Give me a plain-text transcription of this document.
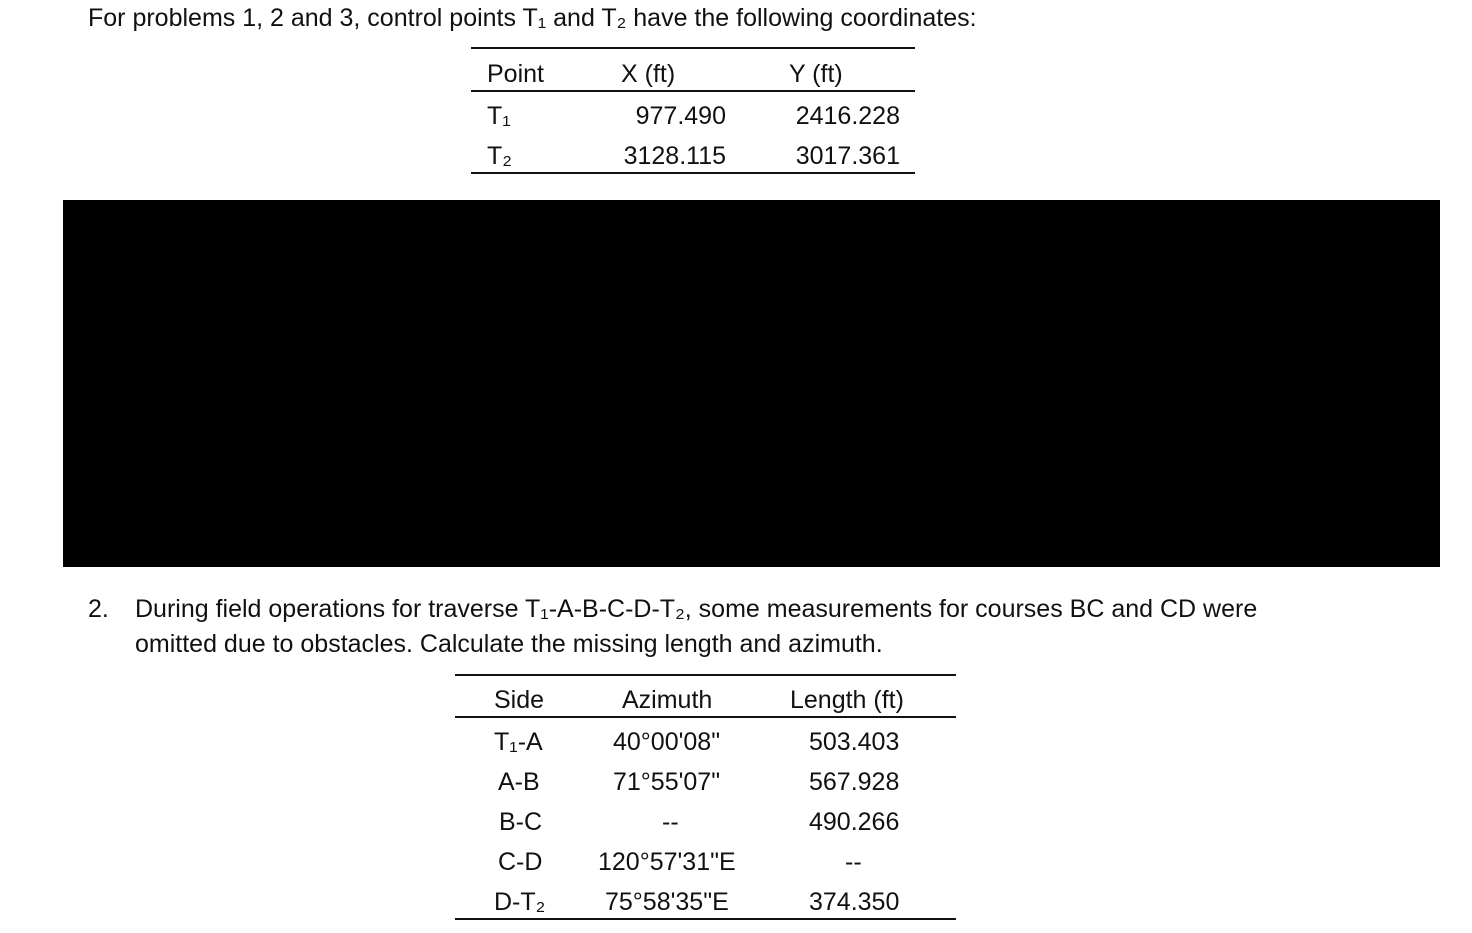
For problems 1, 2 and 3, control points T₁ and T₂ have the following coordinates:
Point	X (ft)	Y (ft)
T₁	977.490	2416.228
T₂	3128.115	3017.361
2. During field operations for traverse T₁-A-B-C-D-T₂, some measurements for courses BC and CD were
omitted due to obstacles. Calculate the missing length and azimuth.
Side	Azimuth	Length (ft)
T₁-A	40°00'08"	503.403
A-B	71°55'07"	567.928
B-C	--	490.266
C-D 120°57'31"E	--
D-T₂ 75°58'35"E	374.350
